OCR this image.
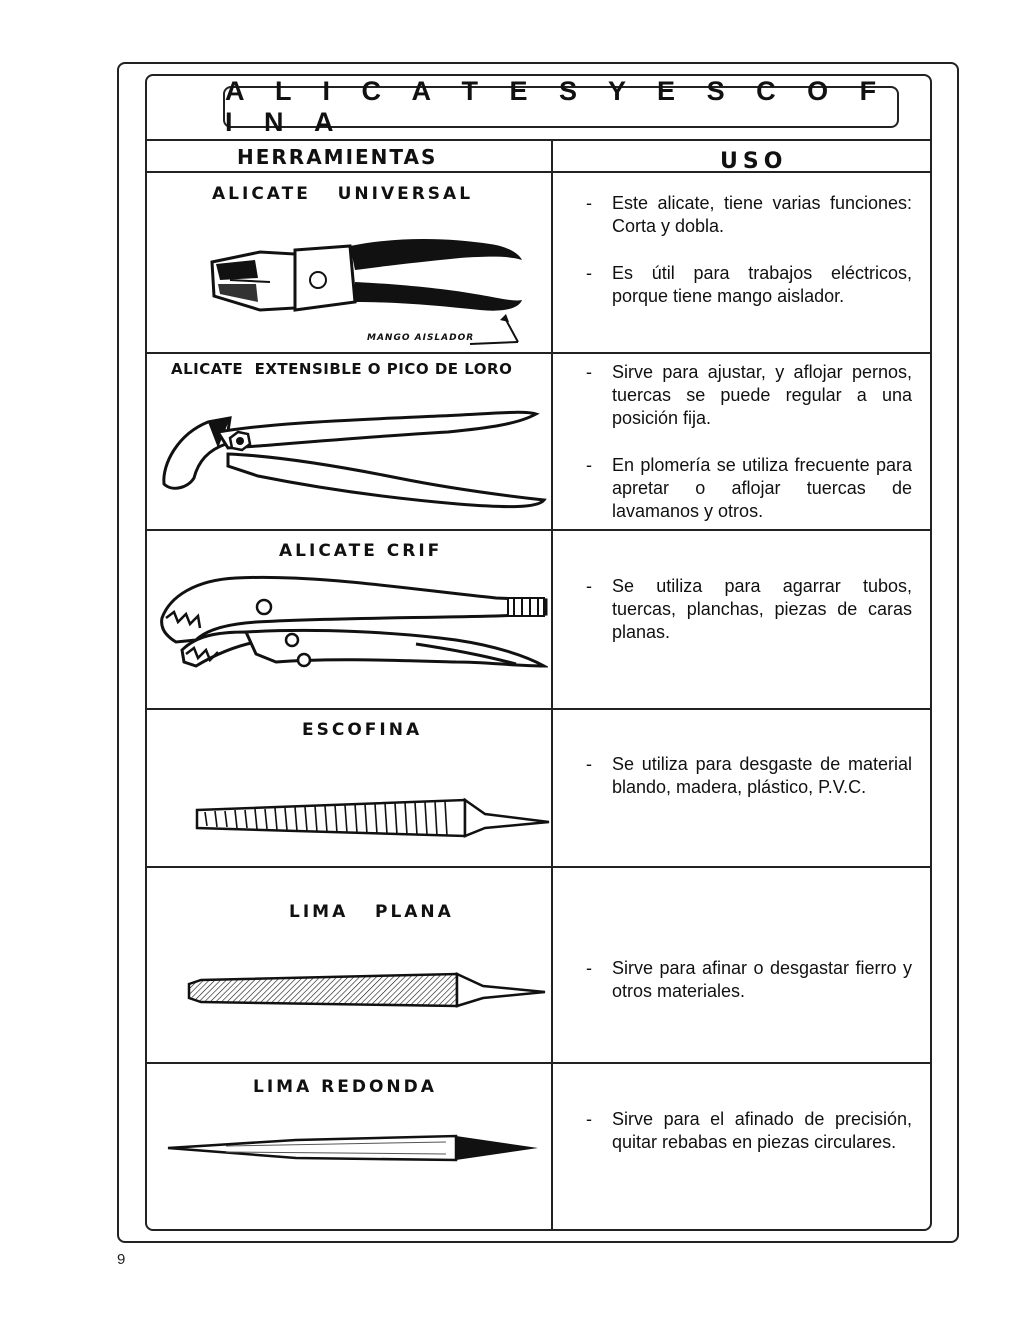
A L I C A T E S Y E S C O F I N A
HERRAMIENTAS	USO
ALICATE   UNIVERSAL
MANGO AISLADOR

- Este alicate, tiene varias funciones: Corta y dobla.

- Es útil para trabajos eléctricos, porque tiene mango aislador.

ALICATE  EXTENSIBLE O PICO DE LORO	- Sirve para ajustar, y aflojar pernos, tuercas se puede regular a una posición fija.

- En plomería se utiliza frecuente para apretar o aflojar tuercas de lavamanos y otros.

ALICATE CRIF

- Se utiliza para agarrar tubos, tuercas, planchas, piezas de caras planas.

ESCOFINA

- Se utiliza para desgaste de material blando, madera, plástico, P.V.C.

LIMA   PLANA

- Sirve para afinar o desgastar fierro y otros materiales.

LIMA REDONDA

- Sirve para el afinado de precisión, quitar rebabas en piezas circulares.

9
